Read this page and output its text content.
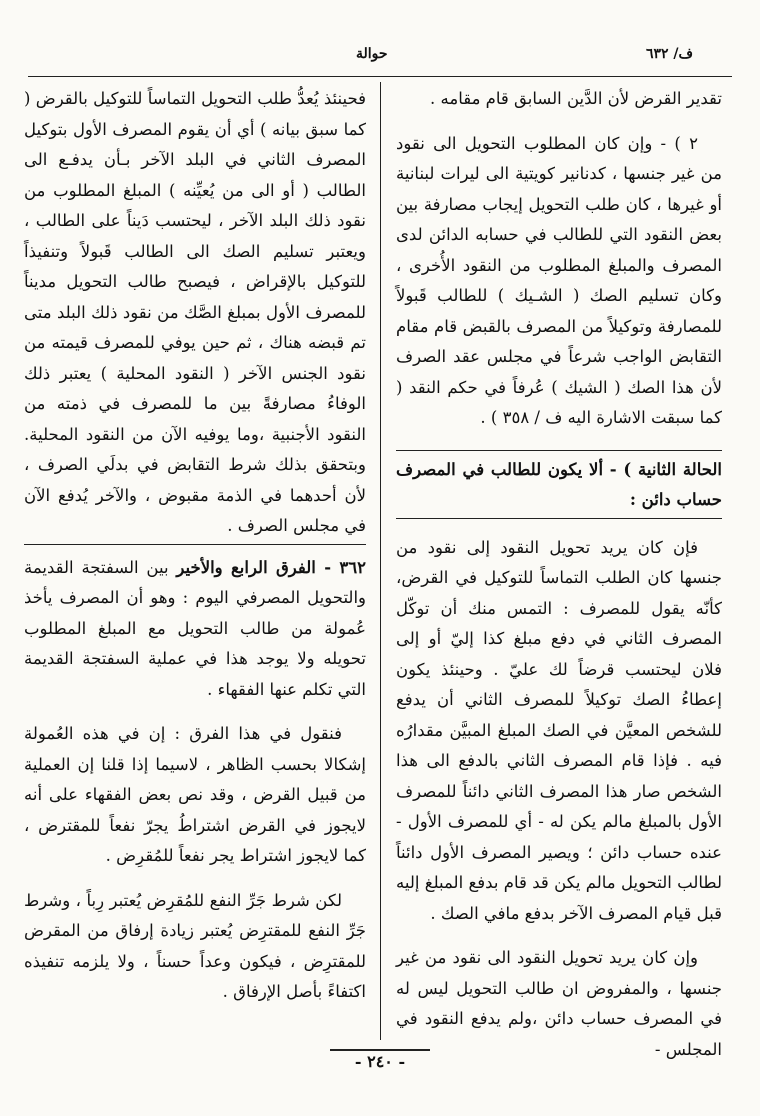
ف/ ٦٣٢
حوالة

تقدير القرض لأن الدَّين السابق قام مقامه .

٢ ) - وإن كان المطلوب التحويل الى نقود من غير جنسها ، كدنانير كويتية الى ليرات لبنانية أو غيرها ، كان طلب التحويل إيجاب مصارفة بين بعض النقود التي للطالب في حسابه الدائن لدى المصرف والمبلغ المطلوب من النقود الأُخرى ، وكان تسليم الصك ( الشـيك ) للطالب قَبولاً للمصارفة وتوكيلاً من المصرف بالقبض قام مقام التقابض الواجب شرعاً في مجلس عقد الصرف لأن هذا الصك ( الشيك ) عُرفاً في حكم النقد ( كما سبقت الاشارة اليه ف / ٣٥٨ ) .

الحالة الثانية ) - ألا يكون للطالب في المصرف حساب دائن :

فإن كان يريد تحويل النقود إلى نقود من جنسها كان الطلب التماساً للتوكيل في القرض، كأنّه يقول للمصرف : التمس منك أن توكّل المصرف الثاني في دفع مبلغ كذا إليّ أو إلى فلان ليحتسب قرضاً لك عليّ . وحينئذ يكون إعطاءُ الصك توكيلاً للمصرف الثاني أن يدفع للشخص المعيَّن في الصك المبلغ المبيَّن مقدارُه فيه . فإذا قام المصرف الثاني بالدفع الى هذا الشخص صار هذا المصرف الثاني دائناً للمصرف الأول بالمبلغ مالم يكن له - أي للمصرف الأول - عنده حساب دائن ؛ ويصير المصرف الأول دائناً لطالب التحويل مالم يكن قد قام بدفع المبلغ إليه قبل قيام المصرف الآخر بدفع مافي الصك .

وإن كان يريد تحويل النقود الى نقود من غير جنسها ، والمفروض ان طالب التحويل ليس له في المصرف حساب دائن ،ولم يدفع النقود في المجلس -

فحينئذ يُعدُّ طلب التحويل التماساً للتوكيل بالقرض ( كما سبق بيانه ) أي أن يقوم المصرف الأول بتوكيل المصرف الثاني في البلد الآخر بـأن يدفـع الى الطالب ( أو الى من يُعيِّنه ) المبلغ المطلوب من نقود ذلك البلد الآخر ، ليحتسب دَيناً على الطالب ، ويعتبر تسليم الصك الى الطالب قَبولاً وتنفيذاً للتوكيل بالإقراض ، فيصبح طالب التحويل مديناً للمصرف الأول بمبلغ الصَّك من نقود ذلك البلد متى تم قبضه هناك ، ثم حين يوفي للمصرف قيمته من نقود الجنس الآخر ( النقود المحلية ) يعتبر ذلك الوفاءُ مصارفةً بين ما للمصرف في ذمته من النقود الأجنبية ،وما يوفيه الآن من النقود المحلية. وبتحقق بذلك شرط التقابض في بدلَي الصرف ، لأن أحدهما في الذمة مقبوض ، والآخر يُدفع الآن في مجلس الصرف .

٣٦٢ - الفرق الرابع والأخير بين السفتجة القديمة والتحويل المصرفي اليوم : وهو أن المصرف يأخذ عُمولة من طالب التحويل مع المبلغ المطلوب تحويله ولا يوجد هذا في عملية السفتجة القديمة التي تكلم عنها الفقهاء .

فنقول في هذا الفرق : إن في هذه العُمولة إشكالا بحسب الظاهر ، لاسيما إذا قلنا إن العملية من قبيل القرض ، وقد نص بعض الفقهاء على أنه لايجوز في القرض اشتراطُ يجرّ نفعاً للمقترض ، كما لايجوز اشتراط يجر نفعاً للمُقرِض .

لكن شرط جَرِّ النفع للمُقرِض يُعتبر رِباً ، وشرط جَرِّ النفع للمقترِض يُعتبر زيادة إرفاق من المقرض للمقترِض ، فيكون وعداً حسناً ، ولا يلزمه تنفيذه اكتفاءً بأصل الإرفاق .

- ٢٤٠ -
